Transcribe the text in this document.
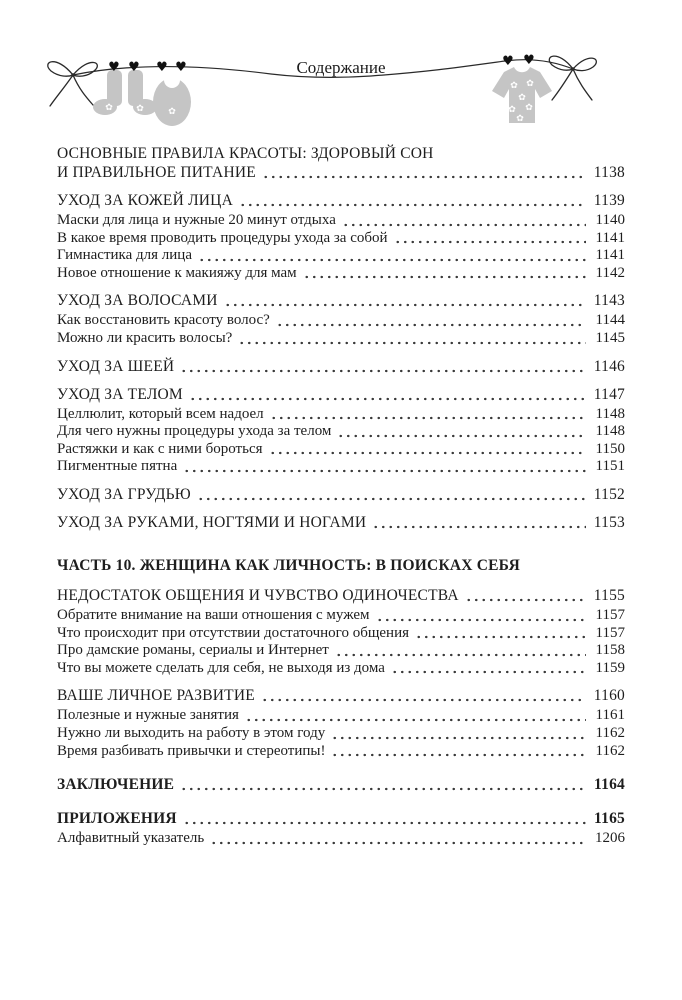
✿	✿
♥ ♥
✿
♥ ♥	Содержание
✿ ✿
✿
✿ ✿
✿
♥ ♥
ОСНОВНЫЕ ПРАВИЛА КРАСОТЫ: ЗДОРОВЫЙ СОН
И ПРАВИЛЬНОЕ ПИТАНИЕ	1138
УХОД ЗА КОЖЕЙ ЛИЦА	1139
Маски для лица и нужные 20 минут отдыха	1140
В какое время проводить процедуры ухода за собой	1141
Гимнастика для лица	1141
Новое отношение к макияжу для мам	1142
УХОД ЗА ВОЛОСАМИ	1143
Как восстановить красоту волос?	1144
Можно ли красить волосы?	1145
УХОД ЗА ШЕЕЙ	1146
УХОД ЗА ТЕЛОМ	1147
Целлюлит, который всем надоел	1148
Для чего нужны процедуры ухода за телом	1148
Растяжки и как с ними бороться	1150
Пигментные пятна	1151
УХОД ЗА ГРУДЬЮ	1152
УХОД ЗА РУКАМИ, НОГТЯМИ И НОГАМИ	1153
ЧАСТЬ 10. ЖЕНЩИНА КАК ЛИЧНОСТЬ: В ПОИСКАХ СЕБЯ
НЕДОСТАТОК ОБЩЕНИЯ И ЧУВСТВО ОДИНОЧЕСТВА	1155
Обратите внимание на ваши отношения с мужем	1157
Что происходит при отсутствии достаточного общения	1157
Про дамские романы, сериалы и Интернет	1158
Что вы можете сделать для себя, не выходя из дома	1159
ВАШЕ ЛИЧНОЕ РАЗВИТИЕ	1160
Полезные и нужные занятия	1161
Нужно ли выходить на работу в этом году	1162
Время разбивать привычки и стереотипы!	1162
ЗАКЛЮЧЕНИЕ	1164
ПРИЛОЖЕНИЯ	1165
Алфавитный указатель	1206
